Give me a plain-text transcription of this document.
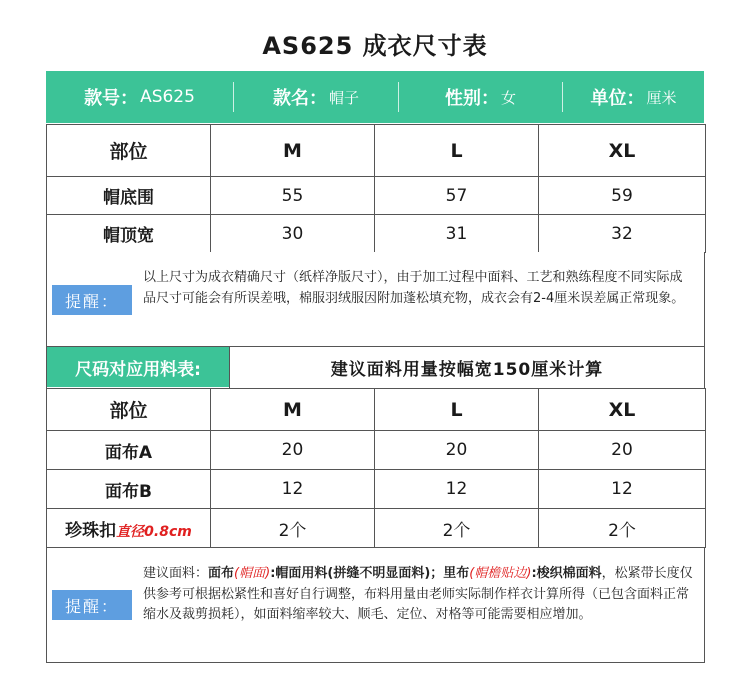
AS625 成衣尺寸表
款号： AS625	款名： 帽子	性别： 女	单位： 厘米
部位	M	L	XL
帽底围	55	57	59
帽顶宽	30	31	32
提醒：
以上尺寸为成衣精确尺寸（纸样净版尺寸），由于加工过程中面料、工艺和熟练程度不同实际成品尺寸可能会有所误差哦，棉服羽绒服因附加蓬松填充物，成衣会有2-4厘米误差属正常现象。
尺码对应用料表:	建议面料用量按幅宽150厘米计算
部位	M	L	XL
面布A	20	20	20
面布B	12	12	12
珍珠扣直径0.8cm	2个	2个	2个
提醒：
建议面料：面布(帽面):帽面用料(拼缝不明显面料)；里布(帽檐贴边):梭织棉面料，松紧带长度仅供参考可根据松紧性和喜好自行调整，布料用量由老师实际制作样衣计算所得（已包含面料正常缩水及裁剪损耗），如面料缩率较大、顺毛、定位、对格等可能需要相应增加。
